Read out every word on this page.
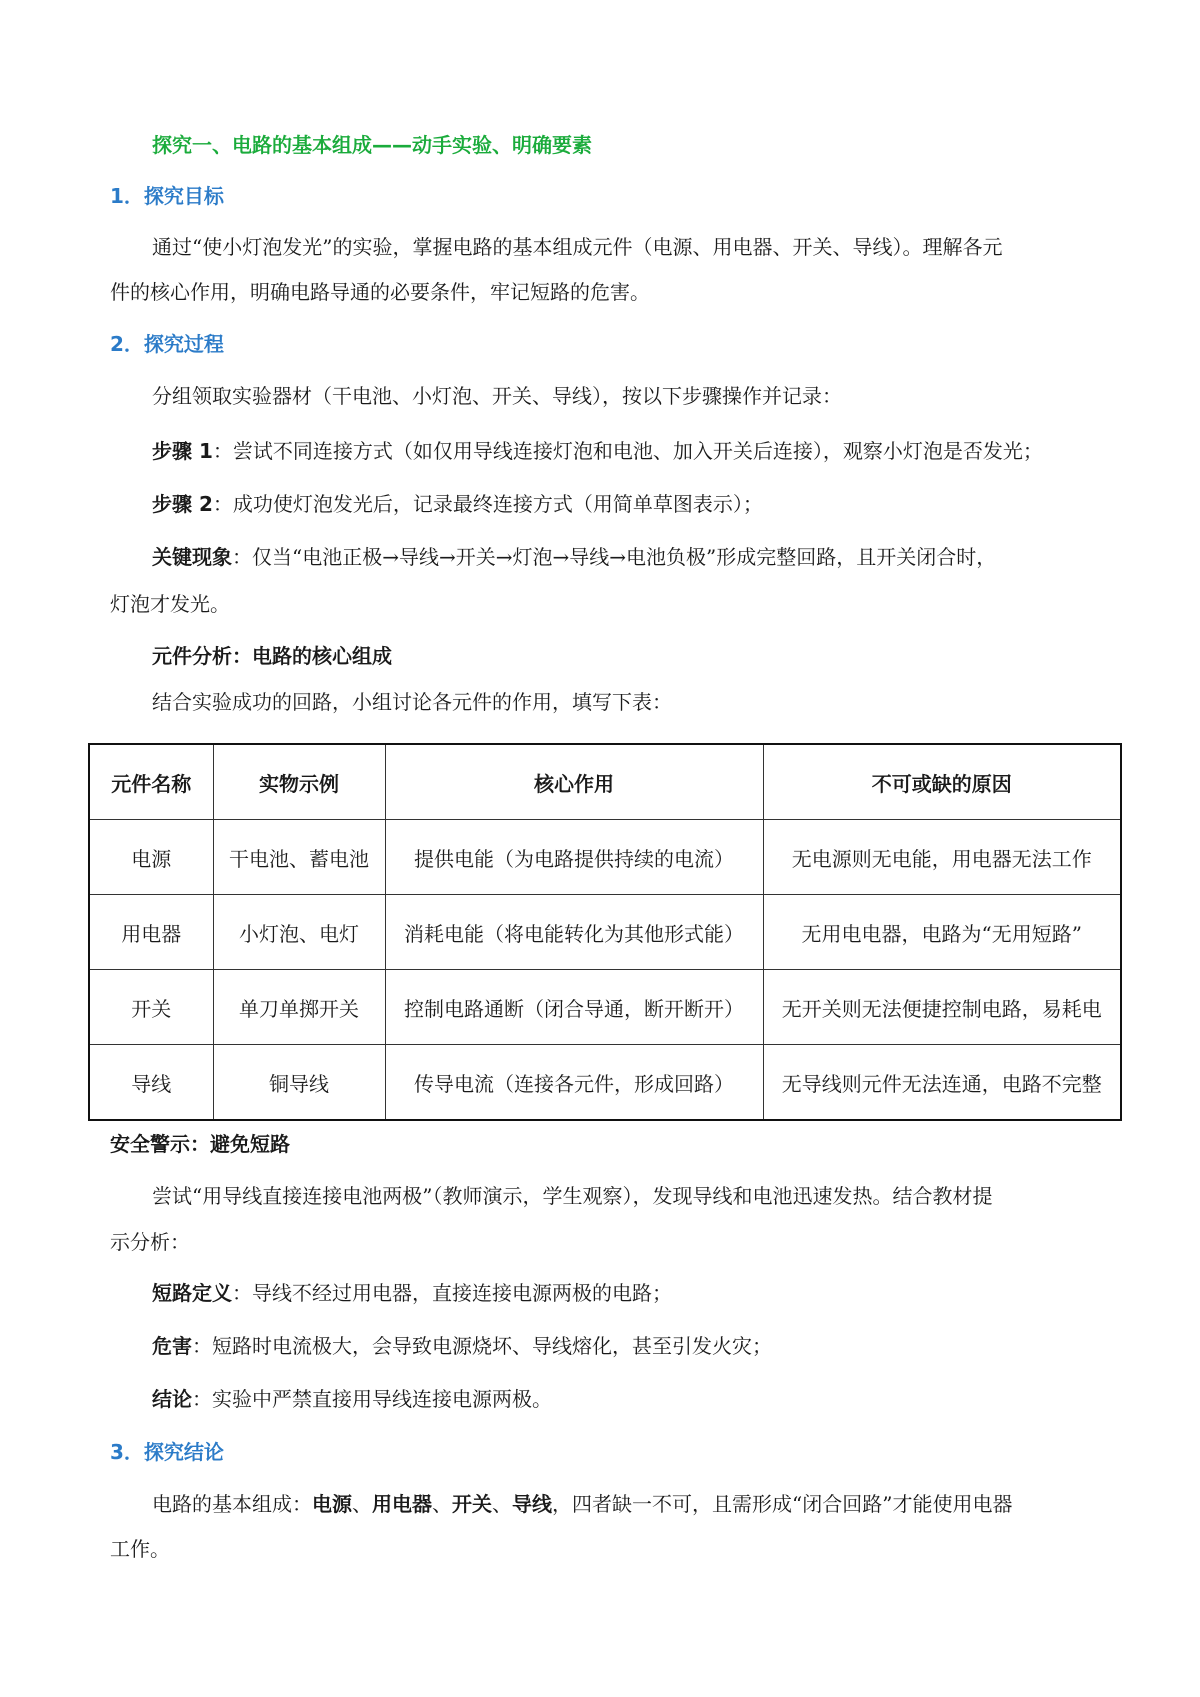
探究一、电路的基本组成——动手实验、明确要素
1．探究目标
通过“使小灯泡发光”的实验，掌握电路的基本组成元件（电源、用电器、开关、导线）。理解各元
件的核心作用，明确电路导通的必要条件，牢记短路的危害。
2．探究过程
分组领取实验器材（干电池、小灯泡、开关、导线），按以下步骤操作并记录：
步骤 1：尝试不同连接方式（如仅用导线连接灯泡和电池、加入开关后连接），观察小灯泡是否发光；
步骤 2：成功使灯泡发光后，记录最终连接方式（用简单草图表示）；
关键现象：仅当“电池正极→导线→开关→灯泡→导线→电池负极”形成完整回路，且开关闭合时，
灯泡才发光。
元件分析：电路的核心组成
结合实验成功的回路，小组讨论各元件的作用，填写下表：
元件名称	实物示例	核心作用	不可或缺的原因
电源	干电池、蓄电池	提供电能（为电路提供持续的电流）	无电源则无电能，用电器无法工作
用电器	小灯泡、电灯	消耗电能（将电能转化为其他形式能）	无用电电器，电路为“无用短路”
开关	单刀单掷开关	控制电路通断（闭合导通，断开断开）	无开关则无法便捷控制电路，易耗电
导线	铜导线	传导电流（连接各元件，形成回路）	无导线则元件无法连通，电路不完整
安全警示：避免短路
尝试“用导线直接连接电池两极”（教师演示，学生观察），发现导线和电池迅速发热。结合教材提
示分析：
短路定义：导线不经过用电器，直接连接电源两极的电路；
危害：短路时电流极大，会导致电源烧坏、导线熔化，甚至引发火灾；
结论：实验中严禁直接用导线连接电源两极。
3．探究结论
电路的基本组成：电源、用电器、开关、导线，四者缺一不可，且需形成“闭合回路”才能使用电器
工作。
